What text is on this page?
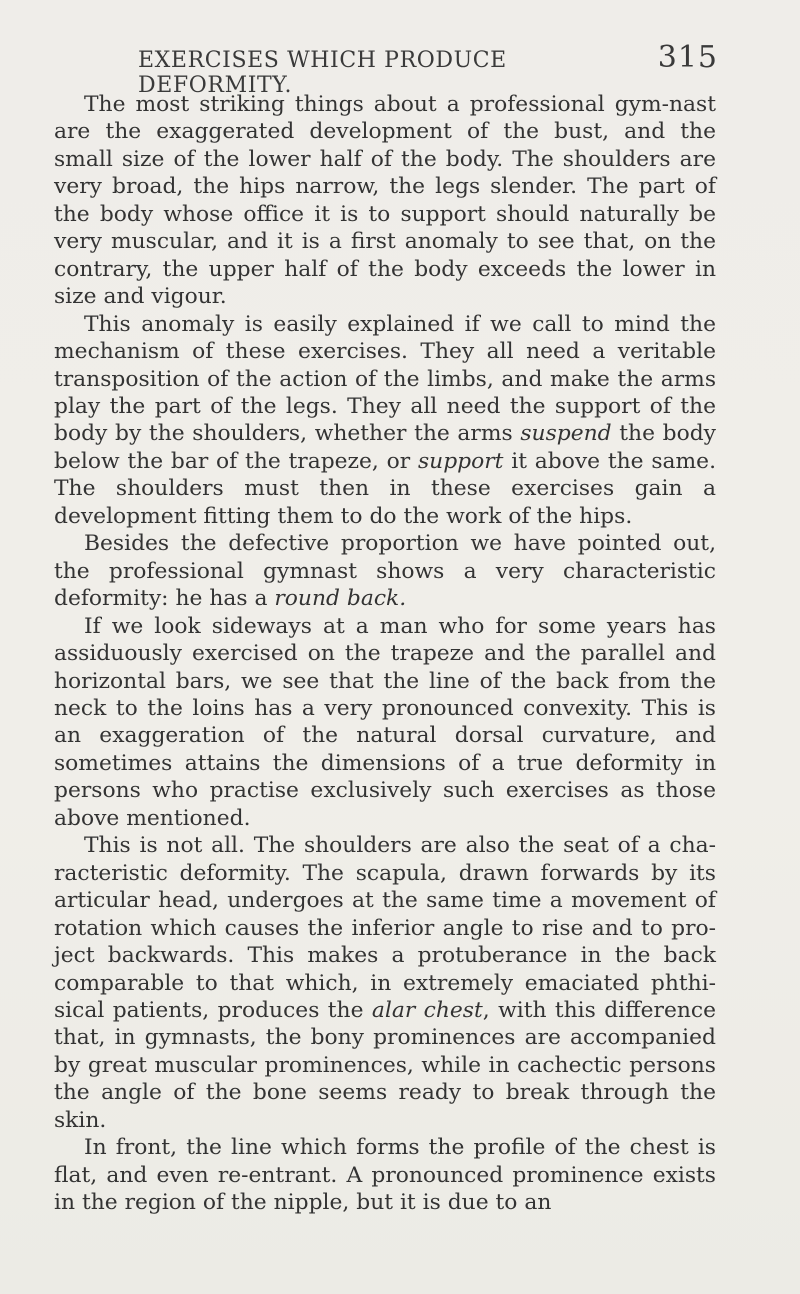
EXERCISES WHICH PRODUCE DEFORMITY.
315

The most striking things about a professional gym-nast are the exaggerated development of the bust, and the small size of the lower half of the body. The shoulders are very broad, the hips narrow, the legs slender. The part of the body whose office it is to support should naturally be very muscular, and it is a first anomaly to see that, on the contrary, the upper half of the body exceeds the lower in size and vigour.

This anomaly is easily explained if we call to mind the mechanism of these exercises. They all need a veritable transposition of the action of the limbs, and make the arms play the part of the legs. They all need the support of the body by the shoulders, whether the arms suspend the body below the bar of the trapeze, or support it above the same. The shoulders must then in these exercises gain a development fitting them to do the work of the hips.

Besides the defective proportion we have pointed out, the professional gymnast shows a very characteristic deformity: he has a round back.

If we look sideways at a man who for some years has assiduously exercised on the trapeze and the parallel and horizontal bars, we see that the line of the back from the neck to the loins has a very pronounced convexity. This is an exaggeration of the natural dorsal curvature, and sometimes attains the dimensions of a true deformity in persons who practise exclusively such exercises as those above mentioned.

This is not all. The shoulders are also the seat of a cha-racteristic deformity. The scapula, drawn forwards by its articular head, undergoes at the same time a movement of rotation which causes the inferior angle to rise and to pro-ject backwards. This makes a protuberance in the back comparable to that which, in extremely emaciated phthi-sical patients, produces the alar chest, with this difference that, in gymnasts, the bony prominences are accompanied by great muscular prominences, while in cachectic persons the angle of the bone seems ready to break through the skin.

In front, the line which forms the profile of the chest is flat, and even re-entrant. A pronounced prominence exists in the region of the nipple, but it is due to an
